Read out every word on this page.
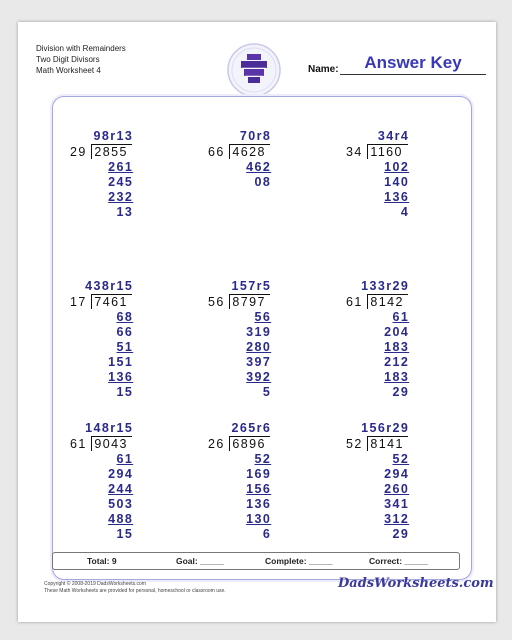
Division with Remainders
Two Digit Divisors
Math Worksheet 4	Name:	Answer Key
98r13
29 2855
261
245
232
13
70r8
66 4628
462
08
34r4
34 1160
102
140
136
4
438r15
17 7461
68
66
51
151
136
15
157r5
56 8797
56
319
280
397
392
5
133r29
61 8142
61
204
183
212
183
29
148r15
61 9043
61
294
244
503
488
15
265r6
26 6896
52
169
156
136
130
6
156r29
52 8141
52
294
260
341
312
29
Total: 9	Goal: _____	Complete: _____	Correct: _____
Copyright © 2008-2019 DadsWorksheets.com
These Math Worksheets are provided for personal, homeschool or classroom use.	DadsWorksheets.com
